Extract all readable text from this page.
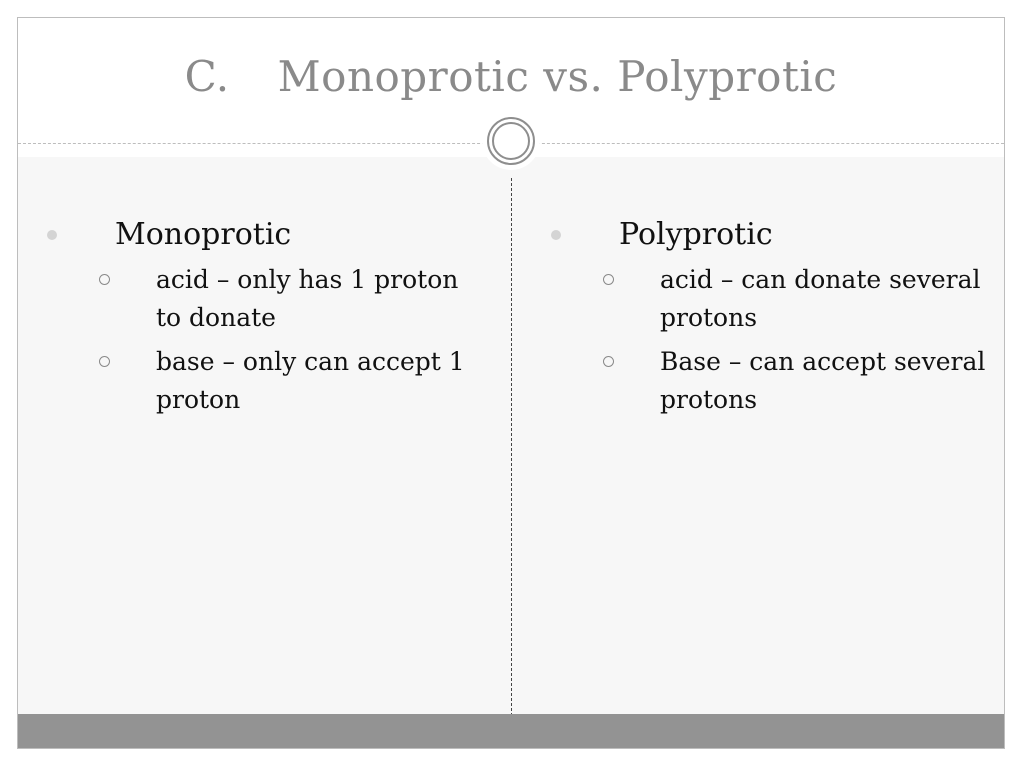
C. Monoprotic vs. Polyprotic
Monoprotic
acid – only has 1 proton to donate
base – only can accept 1 proton
Polyprotic
acid – can donate several protons
Base – can accept several protons
